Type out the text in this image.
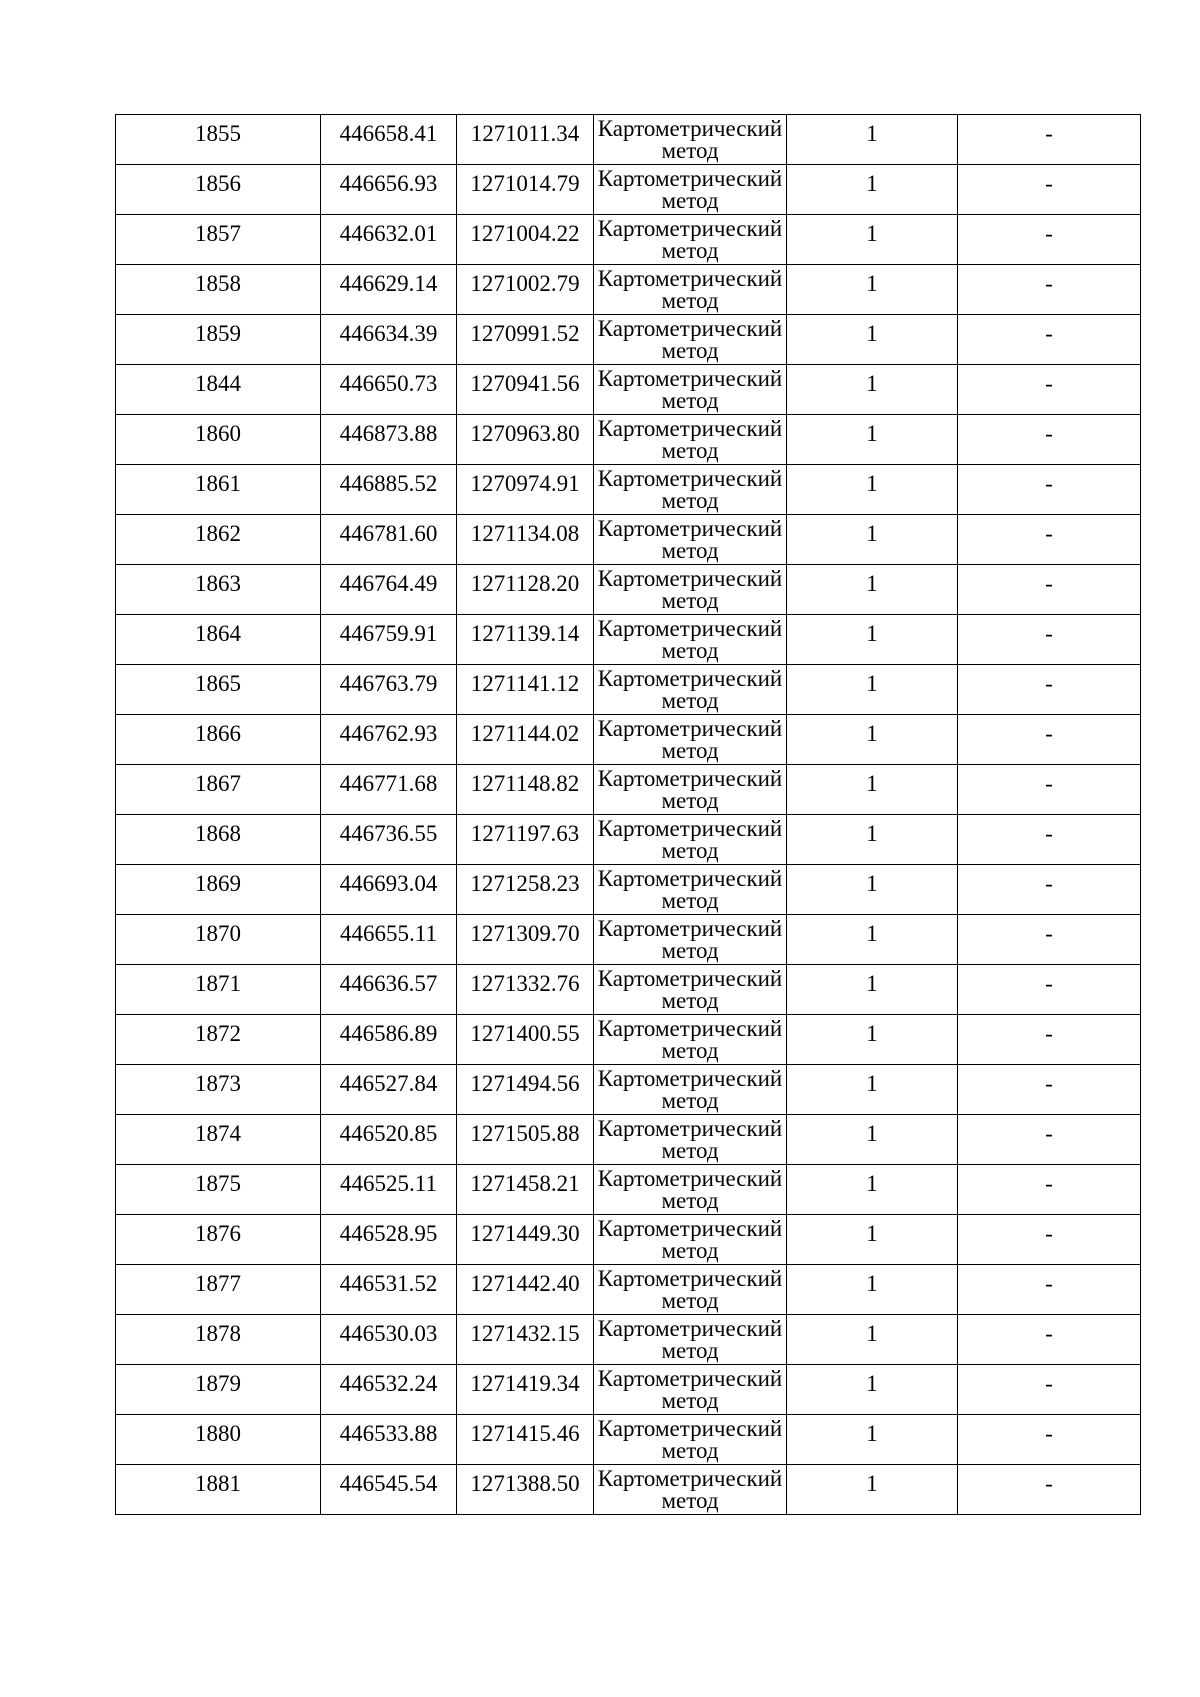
1855	446658.41	1271011.34	Картометрический
метод	1	-

1856	446656.93	1271014.79	Картометрический
метод	1	-

1857	446632.01	1271004.22	Картометрический
метод	1	-

1858	446629.14	1271002.79	Картометрический
метод	1	-

1859	446634.39	1270991.52	Картометрический
метод	1	-

1844	446650.73	1270941.56	Картометрический
метод	1	-

1860	446873.88	1270963.80	Картометрический
метод	1	-

1861	446885.52	1270974.91	Картометрический
метод	1	-

1862	446781.60	1271134.08	Картометрический
метод	1	-

1863	446764.49	1271128.20	Картометрический
метод	1	-

1864	446759.91	1271139.14	Картометрический
метод	1	-

1865	446763.79	1271141.12	Картометрический
метод	1	-

1866	446762.93	1271144.02	Картометрический
метод	1	-

1867	446771.68	1271148.82	Картометрический
метод	1	-

1868	446736.55	1271197.63	Картометрический
метод	1	-

1869	446693.04	1271258.23	Картометрический
метод	1	-

1870	446655.11	1271309.70	Картометрический
метод	1	-

1871	446636.57	1271332.76	Картометрический
метод	1	-

1872	446586.89	1271400.55	Картометрический
метод	1	-

1873	446527.84	1271494.56	Картометрический
метод	1	-

1874	446520.85	1271505.88	Картометрический
метод	1	-

1875	446525.11	1271458.21	Картометрический
метод	1	-

1876	446528.95	1271449.30	Картометрический
метод	1	-

1877	446531.52	1271442.40	Картометрический
метод	1	-

1878	446530.03	1271432.15	Картометрический
метод	1	-

1879	446532.24	1271419.34	Картометрический
метод	1	-

1880	446533.88	1271415.46	Картометрический
метод	1	-

1881	446545.54	1271388.50	Картометрический
метод	1	-
